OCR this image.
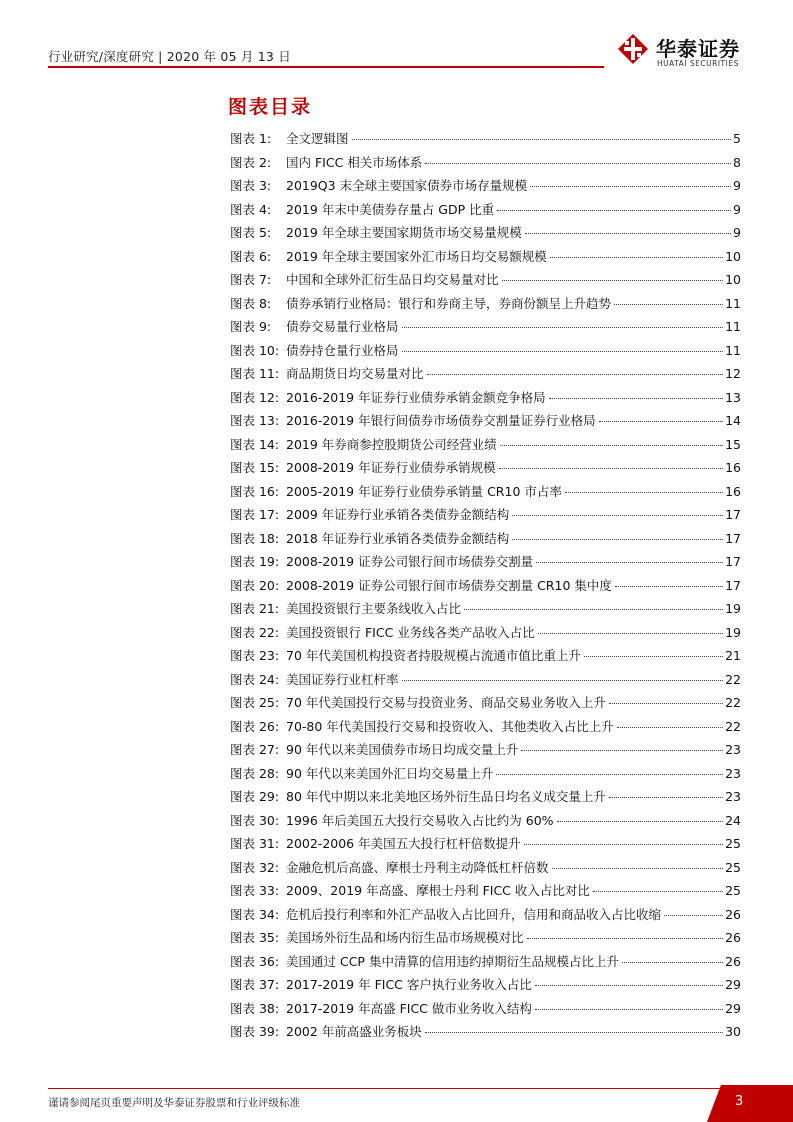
行业研究/深度研究 | 2020 年 05 月 13 日	华泰证券
HUATAI SECURITIES
图表目录
图表 1:	全文逻辑图	5
图表 2:	国内 FICC 相关市场体系	8
图表 3:	2019Q3 末全球主要国家债券市场存量规模	9
图表 4:	2019 年末中美债券存量占 GDP 比重	9
图表 5:	2019 年全球主要国家期货市场交易量规模	9
图表 6:	2019 年全球主要国家外汇市场日均交易额规模	10
图表 7:	中国和全球外汇衍生品日均交易量对比	10
图表 8:	债券承销行业格局：银行和券商主导，券商份额呈上升趋势	11
图表 9:	债券交易量行业格局	11
图表 10: 债券持仓量行业格局	11
图表 11: 商品期货日均交易量对比	12
图表 12: 2016-2019 年证券行业债券承销金额竞争格局	13
图表 13: 2016-2019 年银行间债券市场债券交割量证券行业格局	14
图表 14: 2019 年券商参控股期货公司经营业绩	15
图表 15: 2008-2019 年证券行业债券承销规模	16
图表 16: 2005-2019 年证券行业债券承销量 CR10 市占率	16
图表 17: 2009 年证券行业承销各类债券金额结构	17
图表 18: 2018 年证券行业承销各类债券金额结构	17
图表 19: 2008-2019 证券公司银行间市场债券交割量	17
图表 20: 2008-2019 证券公司银行间市场债券交割量 CR10 集中度	17
图表 21: 美国投资银行主要条线收入占比	19
图表 22: 美国投资银行 FICC 业务线各类产品收入占比	19
图表 23: 70 年代美国机构投资者持股规模占流通市值比重上升	21
图表 24: 美国证券行业杠杆率	22
图表 25: 70 年代美国投行交易与投资业务、商品交易业务收入上升	22
图表 26: 70-80 年代美国投行交易和投资收入、其他类收入占比上升	22
图表 27: 90 年代以来美国债券市场日均成交量上升	23
图表 28: 90 年代以来美国外汇日均交易量上升	23
图表 29: 80 年代中期以来北美地区场外衍生品日均名义成交量上升	23
图表 30: 1996 年后美国五大投行交易收入占比约为 60%	24
图表 31: 2002-2006 年美国五大投行杠杆倍数提升	25
图表 32: 金融危机后高盛、摩根士丹利主动降低杠杆倍数	25
图表 33: 2009、2019 年高盛、摩根士丹利 FICC 收入占比对比	25
图表 34: 危机后投行利率和外汇产品收入占比回升，信用和商品收入占比收缩	26
图表 35: 美国场外衍生品和场内衍生品市场规模对比	26
图表 36: 美国通过 CCP 集中清算的信用违约掉期衍生品规模占比上升	26
图表 37: 2017-2019 年 FICC 客户执行业务收入占比	29
图表 38: 2017-2019 年高盛 FICC 做市业务收入结构	29
图表 39: 2002 年前高盛业务板块	30
谨请参阅尾页重要声明及华泰证券股票和行业评级标准	3
